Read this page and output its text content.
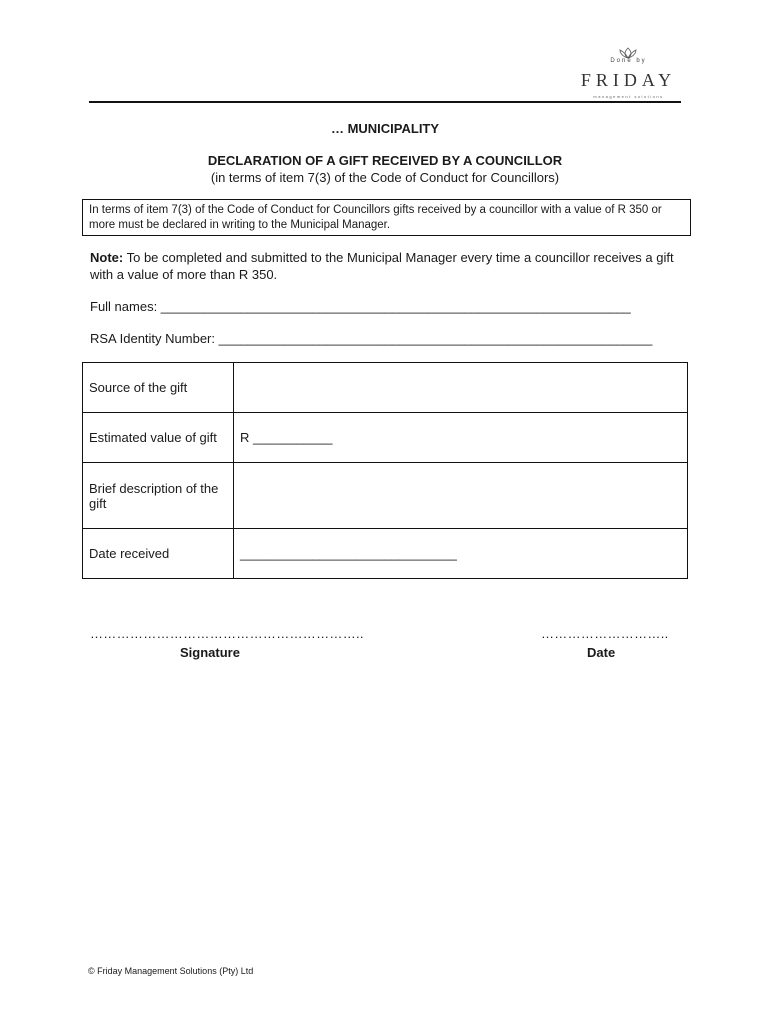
Done by
FRIDAY
management solutions
… MUNICIPALITY
DECLARATION OF A GIFT RECEIVED BY A COUNCILLOR
(in terms of item 7(3) of the Code of Conduct for Councillors)
In terms of item 7(3) of the Code of Conduct for Councillors gifts received by a councillor with a value of R 350 or more must be declared in writing to the Municipal Manager.
Note: To be completed and submitted to the Municipal Manager every time a councillor receives a gift with a value of more than R 350.
Full names: _________________________________________________________________
RSA Identity Number: ____________________________________________________________
Source of the gift	
Estimated value of gift	R ___________
Brief description of the gift	
Date received	______________________________
……………………………………………………..
Signature
………………………..
Date
© Friday Management Solutions (Pty) Ltd
